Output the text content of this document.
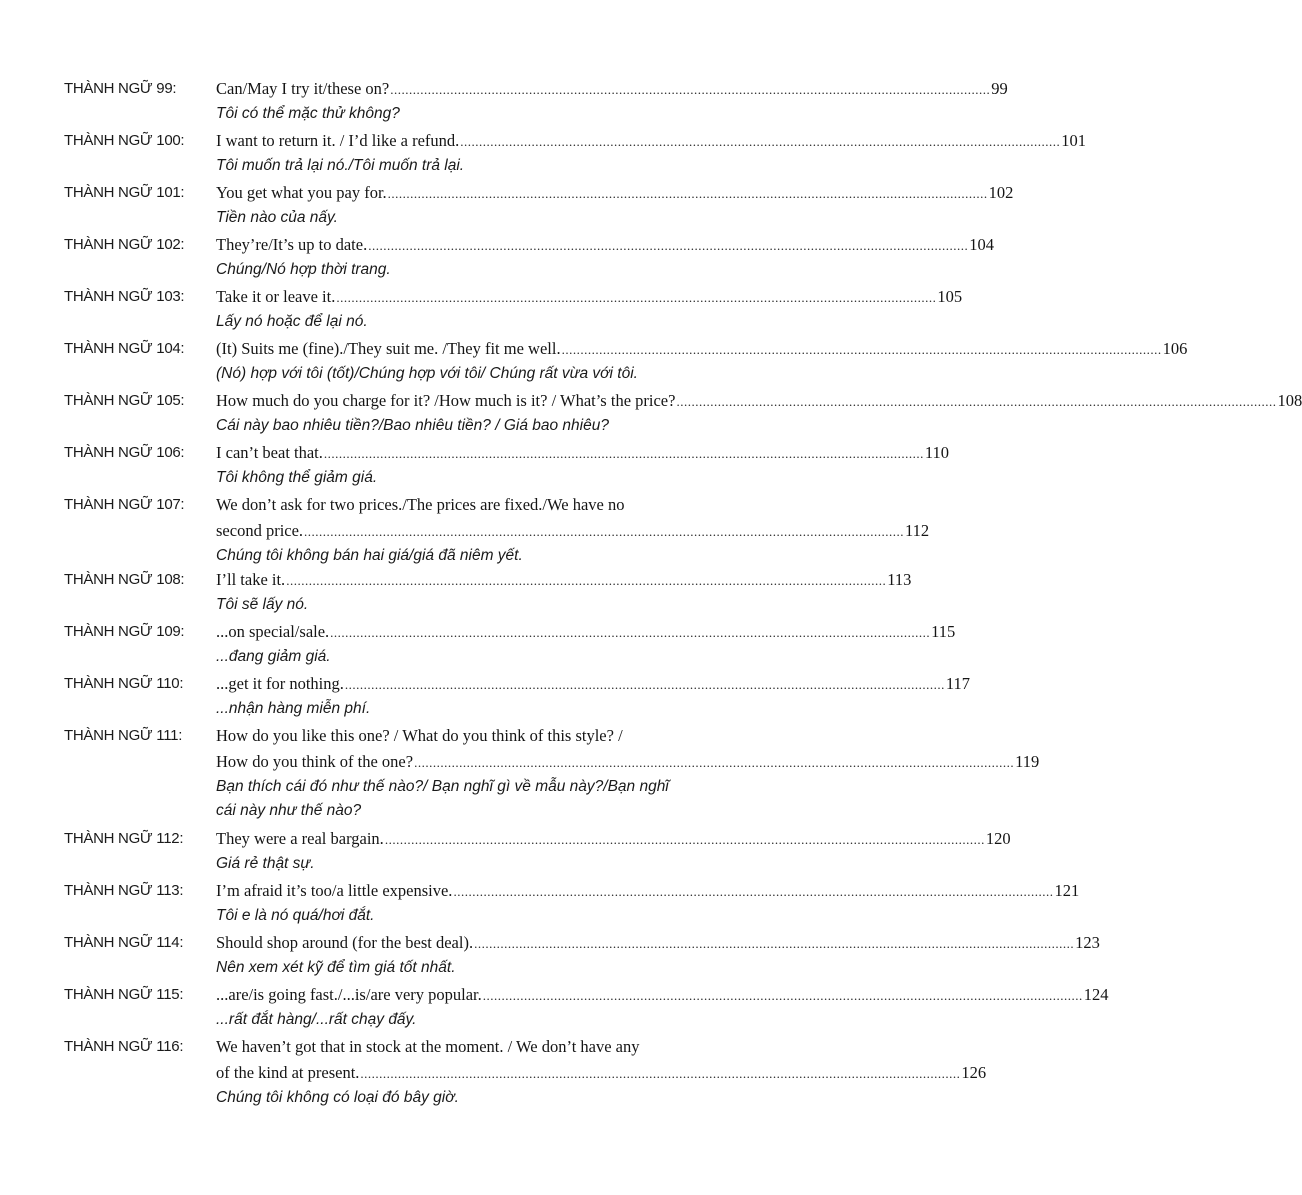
THÀNH NGỮ 99:	Can/May I try it/these on? ................................................................................................................................................................ 99
Tôi có thể mặc thử không?
THÀNH NGỮ 100:	I want to return it. / I’d like a refund. ................................................................................................................................................................ 101
Tôi muốn trả lại nó./Tôi muốn trả lại.
THÀNH NGỮ 101:	You get what you pay for. ................................................................................................................................................................ 102
Tiền nào của nấy.
THÀNH NGỮ 102:	They’re/It’s up to date. ................................................................................................................................................................ 104
Chúng/Nó hợp thời trang.
THÀNH NGỮ 103:	Take it or leave it. ................................................................................................................................................................ 105
Lấy nó hoặc để lại nó.
THÀNH NGỮ 104:	(It) Suits me (fine)./They suit me. /They fit me well. ................................................................................................................................................................ 106
(Nó) hợp với tôi (tốt)/Chúng hợp với tôi/ Chúng rất vừa với tôi.
THÀNH NGỮ 105:	How much do you charge for it? /How much is it? / What’s the price? ................................................................................................................................................................ 108
Cái này bao nhiêu tiền?/Bao nhiêu tiền? / Giá bao nhiêu?
THÀNH NGỮ 106:	I can’t beat that. ................................................................................................................................................................ 110
Tôi không thể giảm giá.
THÀNH NGỮ 107:	We don’t ask for two prices./The prices are fixed./We have no
second price. ................................................................................................................................................................ 112
Chúng tôi không bán hai giá/giá đã niêm yết.
THÀNH NGỮ 108:	I’ll take it. ................................................................................................................................................................ 113
Tôi sẽ lấy nó.
THÀNH NGỮ 109:	...on special/sale. ................................................................................................................................................................ 115
...đang giảm giá.
THÀNH NGỮ 110:	...get it for nothing. ................................................................................................................................................................ 117
...nhận hàng miễn phí.
THÀNH NGỮ 111:	How do you like this one? / What do you think of this style? /
How do you think of the one? ................................................................................................................................................................ 119
Bạn thích cái đó như thế nào?/ Bạn nghĩ gì về mẫu này?/Bạn nghĩ
cái này như thế nào?
THÀNH NGỮ 112:	They were a real bargain. ................................................................................................................................................................ 120
Giá rẻ thật sự.
THÀNH NGỮ 113:	I’m afraid it’s too/a little expensive. ................................................................................................................................................................ 121
Tôi e là nó quá/hơi đắt.
THÀNH NGỮ 114:	Should shop around (for the best deal). ................................................................................................................................................................ 123
Nên xem xét kỹ để tìm giá tốt nhất.
THÀNH NGỮ 115:	...are/is going fast./...is/are very popular. ................................................................................................................................................................ 124
...rất đắt hàng/...rất chạy đấy.
THÀNH NGỮ 116:	We haven’t got that in stock at the moment. / We don’t have any
of the kind at present. ................................................................................................................................................................ 126
Chúng tôi không có loại đó bây giờ.
